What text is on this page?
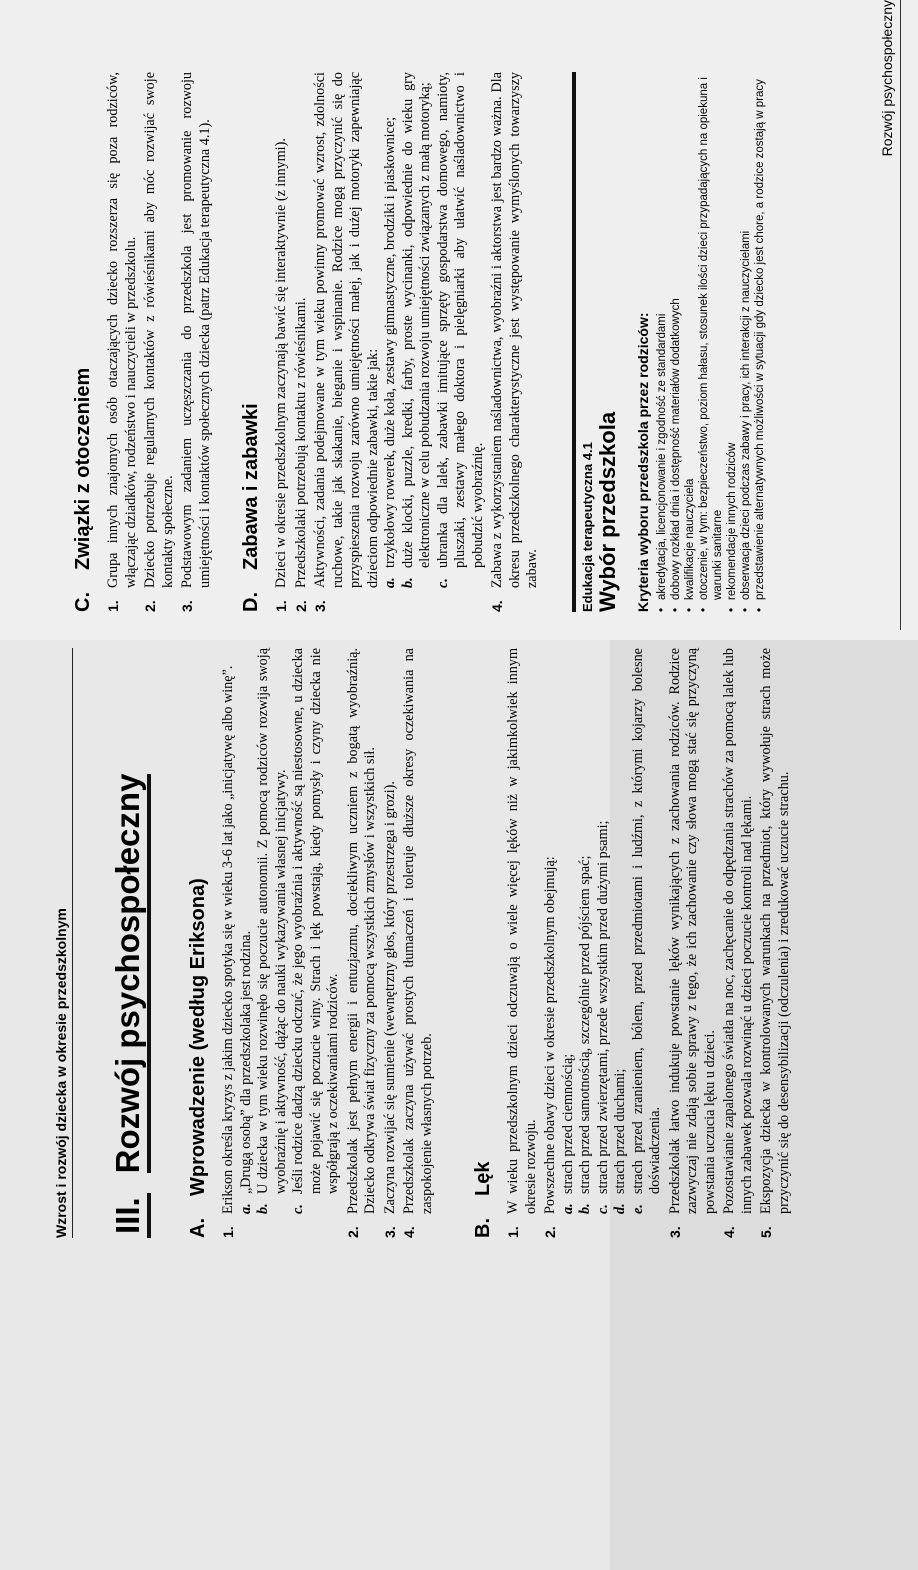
Wzrost i rozwój dziecka w okresie przedszkolnym III.
Rozwój psychospołeczny
A.
Wprowadzenie (według Eriksona)
1.
Erikson określa kryzys z jakim dziecko spotyka się w wieku 3-6 lat jako „inicjatywę albo winę”. a.
„Drugą osobą” dla przedszkolaka jest rodzina.
b.
U dziecka w tym wieku rozwinęło się poczucie autonomii. Z pomocą rodziców rozwija swoją wyobraźnię i aktywność, dążąc do nauki wykazywania własnej inicjatywy.
c.
Jeśli rodzice dadzą dziecku odczuć, że jego wyobraźnia i aktywność są niestosowne, u dziecka może pojawić się poczucie winy. Strach i lęk powstają, kiedy pomysły i czyny dziecka nie współgrają z oczekiwaniami rodziców.
2.
Przedszkolak jest pełnym energii i entuzjazmu, dociekliwym uczniem z bogatą wyobraźnią. Dziecko odkrywa świat fizyczny za pomocą wszystkich zmysłów i wszystkich sił.
3.
Zaczyna rozwijać się sumienie (wewnętrzny głos, który przestrzega i grozi).
4.
Przedszkolak zaczyna używać prostych tłumaczeń i toleruje dłuższe okresy oczekiwania na zaspokojenie własnych potrzeb.
B.
Lęk
1.
W wieku przedszkolnym dzieci odczuwają o wiele więcej lęków niż w jakimkolwiek innym okresie rozwoju.
2.
Powszechne obawy dzieci w okresie przedszkolnym obejmują: a.
strach przed ciemnością;
b.
strach przed samotnością, szczególnie przed pójściem spać;
c.
strach przed zwierzętami, przede wszystkim przed dużymi psami;
d.
strach przed duchami;
e.
strach przed zranieniem, bólem, przed przedmiotami i ludźmi, z którymi kojarzy bolesne doświadczenia.
3.
Przedszkolak łatwo indukuje powstanie lęków wynikających z zachowania rodziców. Rodzice zazwyczaj nie zdają sobie sprawy z tego, że ich zachowanie czy słowa mogą stać się przyczyną powstania uczucia lęku u dzieci.
4.
Pozostawianie zapalonego światła na noc, zachęcanie do odpędzania strachów za pomocą lalek lub innych zabawek pozwala rozwinąć u dzieci poczucie kontroli nad lękami.
5.
Ekspozycja dziecka w kontrolowanych warunkach na przedmiot, który wywołuje strach może przyczynić się do desensybilizacji (odczulenia) i zredukować uczucie strachu.
C.
Związki z otoczeniem
1.
Grupa innych znajomych osób otaczających dziecko rozszerza się poza rodziców, włączając dziadków, rodzeństwo i nauczycieli w przedszkolu.
2.
Dziecko potrzebuje regularnych kontaktów z rówieśnikami aby móc rozwijać swoje kontakty społeczne.
3.
Podstawowym zadaniem uczęszczania do przedszkola jest promowanie rozwoju umiejętności i kontaktów społecznych dziecka (patrz Edukacja terapeutyczna 4.1).
D.
Zabawa i zabawki
1.
Dzieci w okresie przedszkolnym zaczynają bawić się interaktywnie (z innymi).
2.
Przedszkolaki potrzebują kontaktu z rówieśnikami.
3.
Aktywności, zadania podejmowane w tym wieku powinny promować wzrost, zdolności ruchowe, takie jak skakanie, bieganie i wspinanie. Rodzice mogą przyczynić się do przyspieszenia rozwoju zarówno umiejętności małej, jak i dużej motoryki zapewniając dzieciom odpowiednie zabawki, takie jak: a.
trzykołowy rowerek, duże koła, zestawy gimnastyczne, brodziki i piaskownice;
b.
duże klocki, puzzle, kredki, farby, proste wycinanki, odpowiednie do wieku gry elektroniczne w celu pobudzania rozwoju umiejętności związanych z małą motoryką;
c.
ubranka dla lalek, zabawki imitujące sprzęty gospodarstwa domowego, namioty, pluszaki, zestawy małego doktora i pielęgniarki aby ułatwić naśladownictwo i pobudzić wyobraźnię.
4.
Zabawa z wykorzystaniem naśladownictwa, wyobraźni i aktorstwa jest bardzo ważna. Dla okresu przedszkolnego charakterystyczne jest występowanie wymyślonych towarzyszy zabaw.	Edukacja terapeutyczna 4.1 Wybór przedszkola Kryteria wyboru przedszkola przez rodziców: •
akredytacja, licencjonowanie i zgodność ze standardami
•
dobowy rozkład dnia i dostępność materiałów dodatkowych
•
kwalifikacje nauczyciela
•
otoczenie, w tym: bezpieczeństwo, poziom hałasu, stosunek ilości dzieci przypadających na opiekuna i warunki sanitarne
•
rekomendacje innych rodziców
•
obserwacja dzieci podczas zabawy i pracy, ich interakcji z nauczycielami
•
przedstawienie alternatywnych możliwości w sytuacji gdy dziecko jest chore, a rodzice zostają w pracy
Rozwój psychospołeczny
